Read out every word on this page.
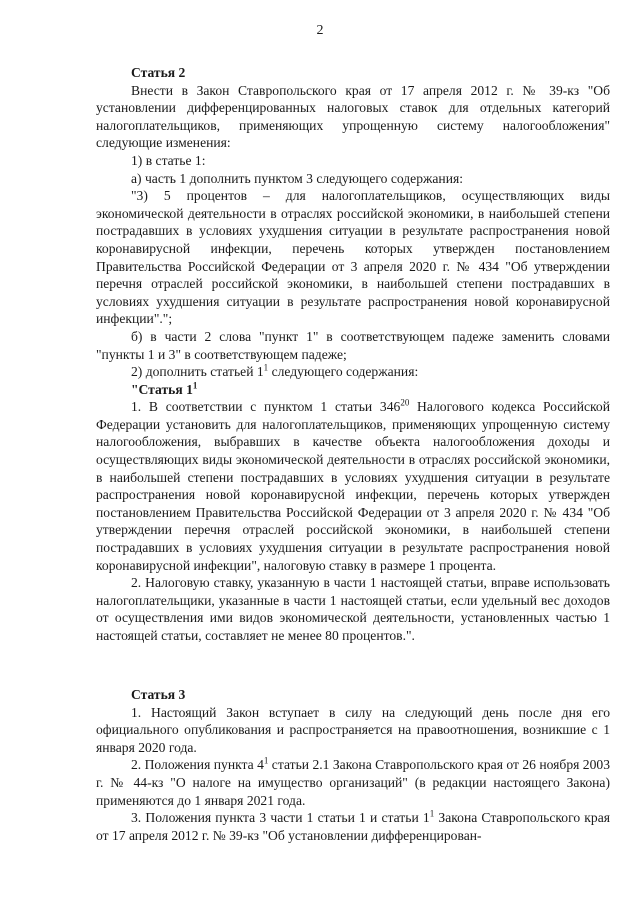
2
Статья 2

Внести в Закон Ставропольского края от 17 апреля 2012 г. № 39-кз "Об установлении дифференцированных налоговых ставок для отдельных категорий налогоплательщиков, применяющих упрощенную систему налогообложения" следующие изменения:

1) в статье 1:

а) часть 1 дополнить пунктом 3 следующего содержания:

"3) 5 процентов – для налогоплательщиков, осуществляющих виды экономической деятельности в отраслях российской экономики, в наибольшей степени пострадавших в условиях ухудшения ситуации в результате распространения новой коронавирусной инфекции, перечень которых утвержден постановлением Правительства Российской Федерации от 3 апреля 2020 г. № 434 "Об утверждении перечня отраслей российской экономики, в наибольшей степени пострадавших в условиях ухудшения ситуации в результате распространения новой коронавирусной инфекции".";

б) в части 2 слова "пункт 1" в соответствующем падеже заменить словами "пункты 1 и 3" в соответствующем падеже;

2) дополнить статьей $1^1$ следующего содержания:

"Статья $1^1$

1. В соответствии с пунктом 1 статьи $346^{20}$ Налогового кодекса Российской Федерации установить для налогоплательщиков, применяющих упрощенную систему налогообложения, выбравших в качестве объекта налогообложения доходы и осуществляющих виды экономической деятельности в отраслях российской экономики, в наибольшей степени пострадавших в условиях ухудшения ситуации в результате распространения новой коронавирусной инфекции, перечень которых утвержден постановлением Правительства Российской Федерации от 3 апреля 2020 г. № 434 "Об утверждении перечня отраслей российской экономики, в наибольшей степени пострадавших в условиях ухудшения ситуации в результате распространения новой коронавирусной инфекции", налоговую ставку в размере 1 процента.

2. Налоговую ставку, указанную в части 1 настоящей статьи, вправе использовать налогоплательщики, указанные в части 1 настоящей статьи, если удельный вес доходов от осуществления ими видов экономической деятельности, установленных частью 1 настоящей статьи, составляет не менее 80 процентов.".

Статья 3

1. Настоящий Закон вступает в силу на следующий день после дня его официального опубликования и распространяется на правоотношения, возникшие с 1 января 2020 года.

2. Положения пункта $4^1$ статьи 2.1 Закона Ставропольского края от 26 ноября 2003 г. № 44-кз "О налоге на имущество организаций" (в редакции настоящего Закона) применяются до 1 января 2021 года.

3. Положения пункта 3 части 1 статьи 1 и статьи $1^1$ Закона Ставропольского края от 17 апреля 2012 г. № 39-кз "Об установлении дифференцирован-
